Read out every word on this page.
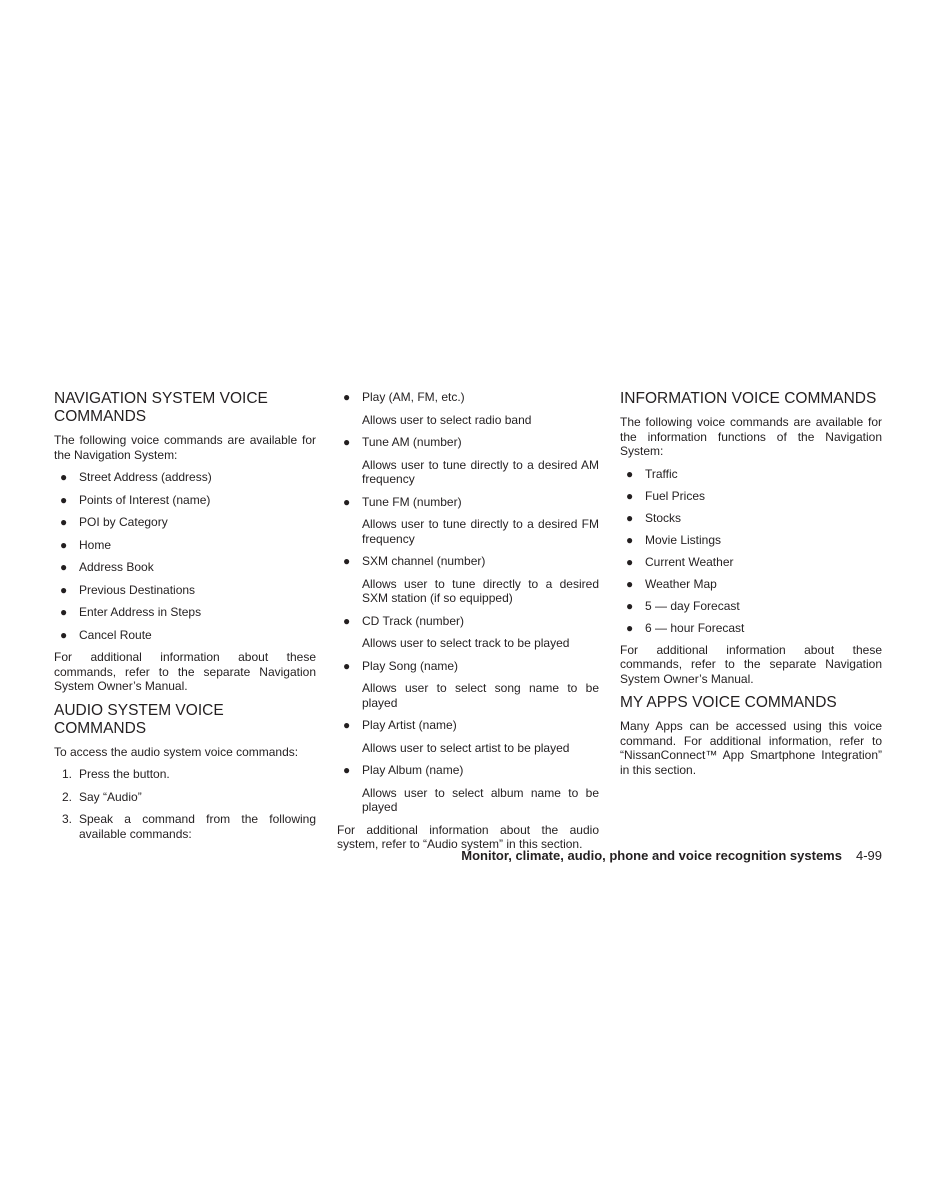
NAVIGATION SYSTEM VOICE COMMANDS

The following voice commands are available for the Navigation System:

● Street Address (address)
● Points of Interest (name)
● POI by Category
● Home
● Address Book
● Previous Destinations
● Enter Address in Steps
● Cancel Route

For additional information about these commands, refer to the separate Navigation System Owner’s Manual.

AUDIO SYSTEM VOICE COMMANDS

To access the audio system voice commands:

1. Press the button.
2. Say “Audio”
3. Speak a command from the following available commands:
● Play (AM, FM, etc.)

Allows user to select radio band

● Tune AM (number)

Allows user to tune directly to a desired AM frequency

● Tune FM (number)

Allows user to tune directly to a desired FM frequency

● SXM channel (number)

Allows user to tune directly to a desired SXM station (if so equipped)

● CD Track (number)

Allows user to select track to be played

● Play Song (name)

Allows user to select song name to be played

● Play Artist (name)

Allows user to select artist to be played

● Play Album (name)

Allows user to select album name to be played

For additional information about the audio system, refer to “Audio system” in this section.

INFORMATION VOICE COMMANDS

The following voice commands are available for the information functions of the Navigation System:

● Traffic
● Fuel Prices
● Stocks
● Movie Listings
● Current Weather
● Weather Map
● 5 — day Forecast
● 6 — hour Forecast

For additional information about these commands, refer to the separate Navigation System Owner’s Manual.

MY APPS VOICE COMMANDS

Many Apps can be accessed using this voice command. For additional information, refer to “NissanConnect™ App Smartphone Integration” in this section.

Monitor, climate, audio, phone and voice recognition systems 4-99
